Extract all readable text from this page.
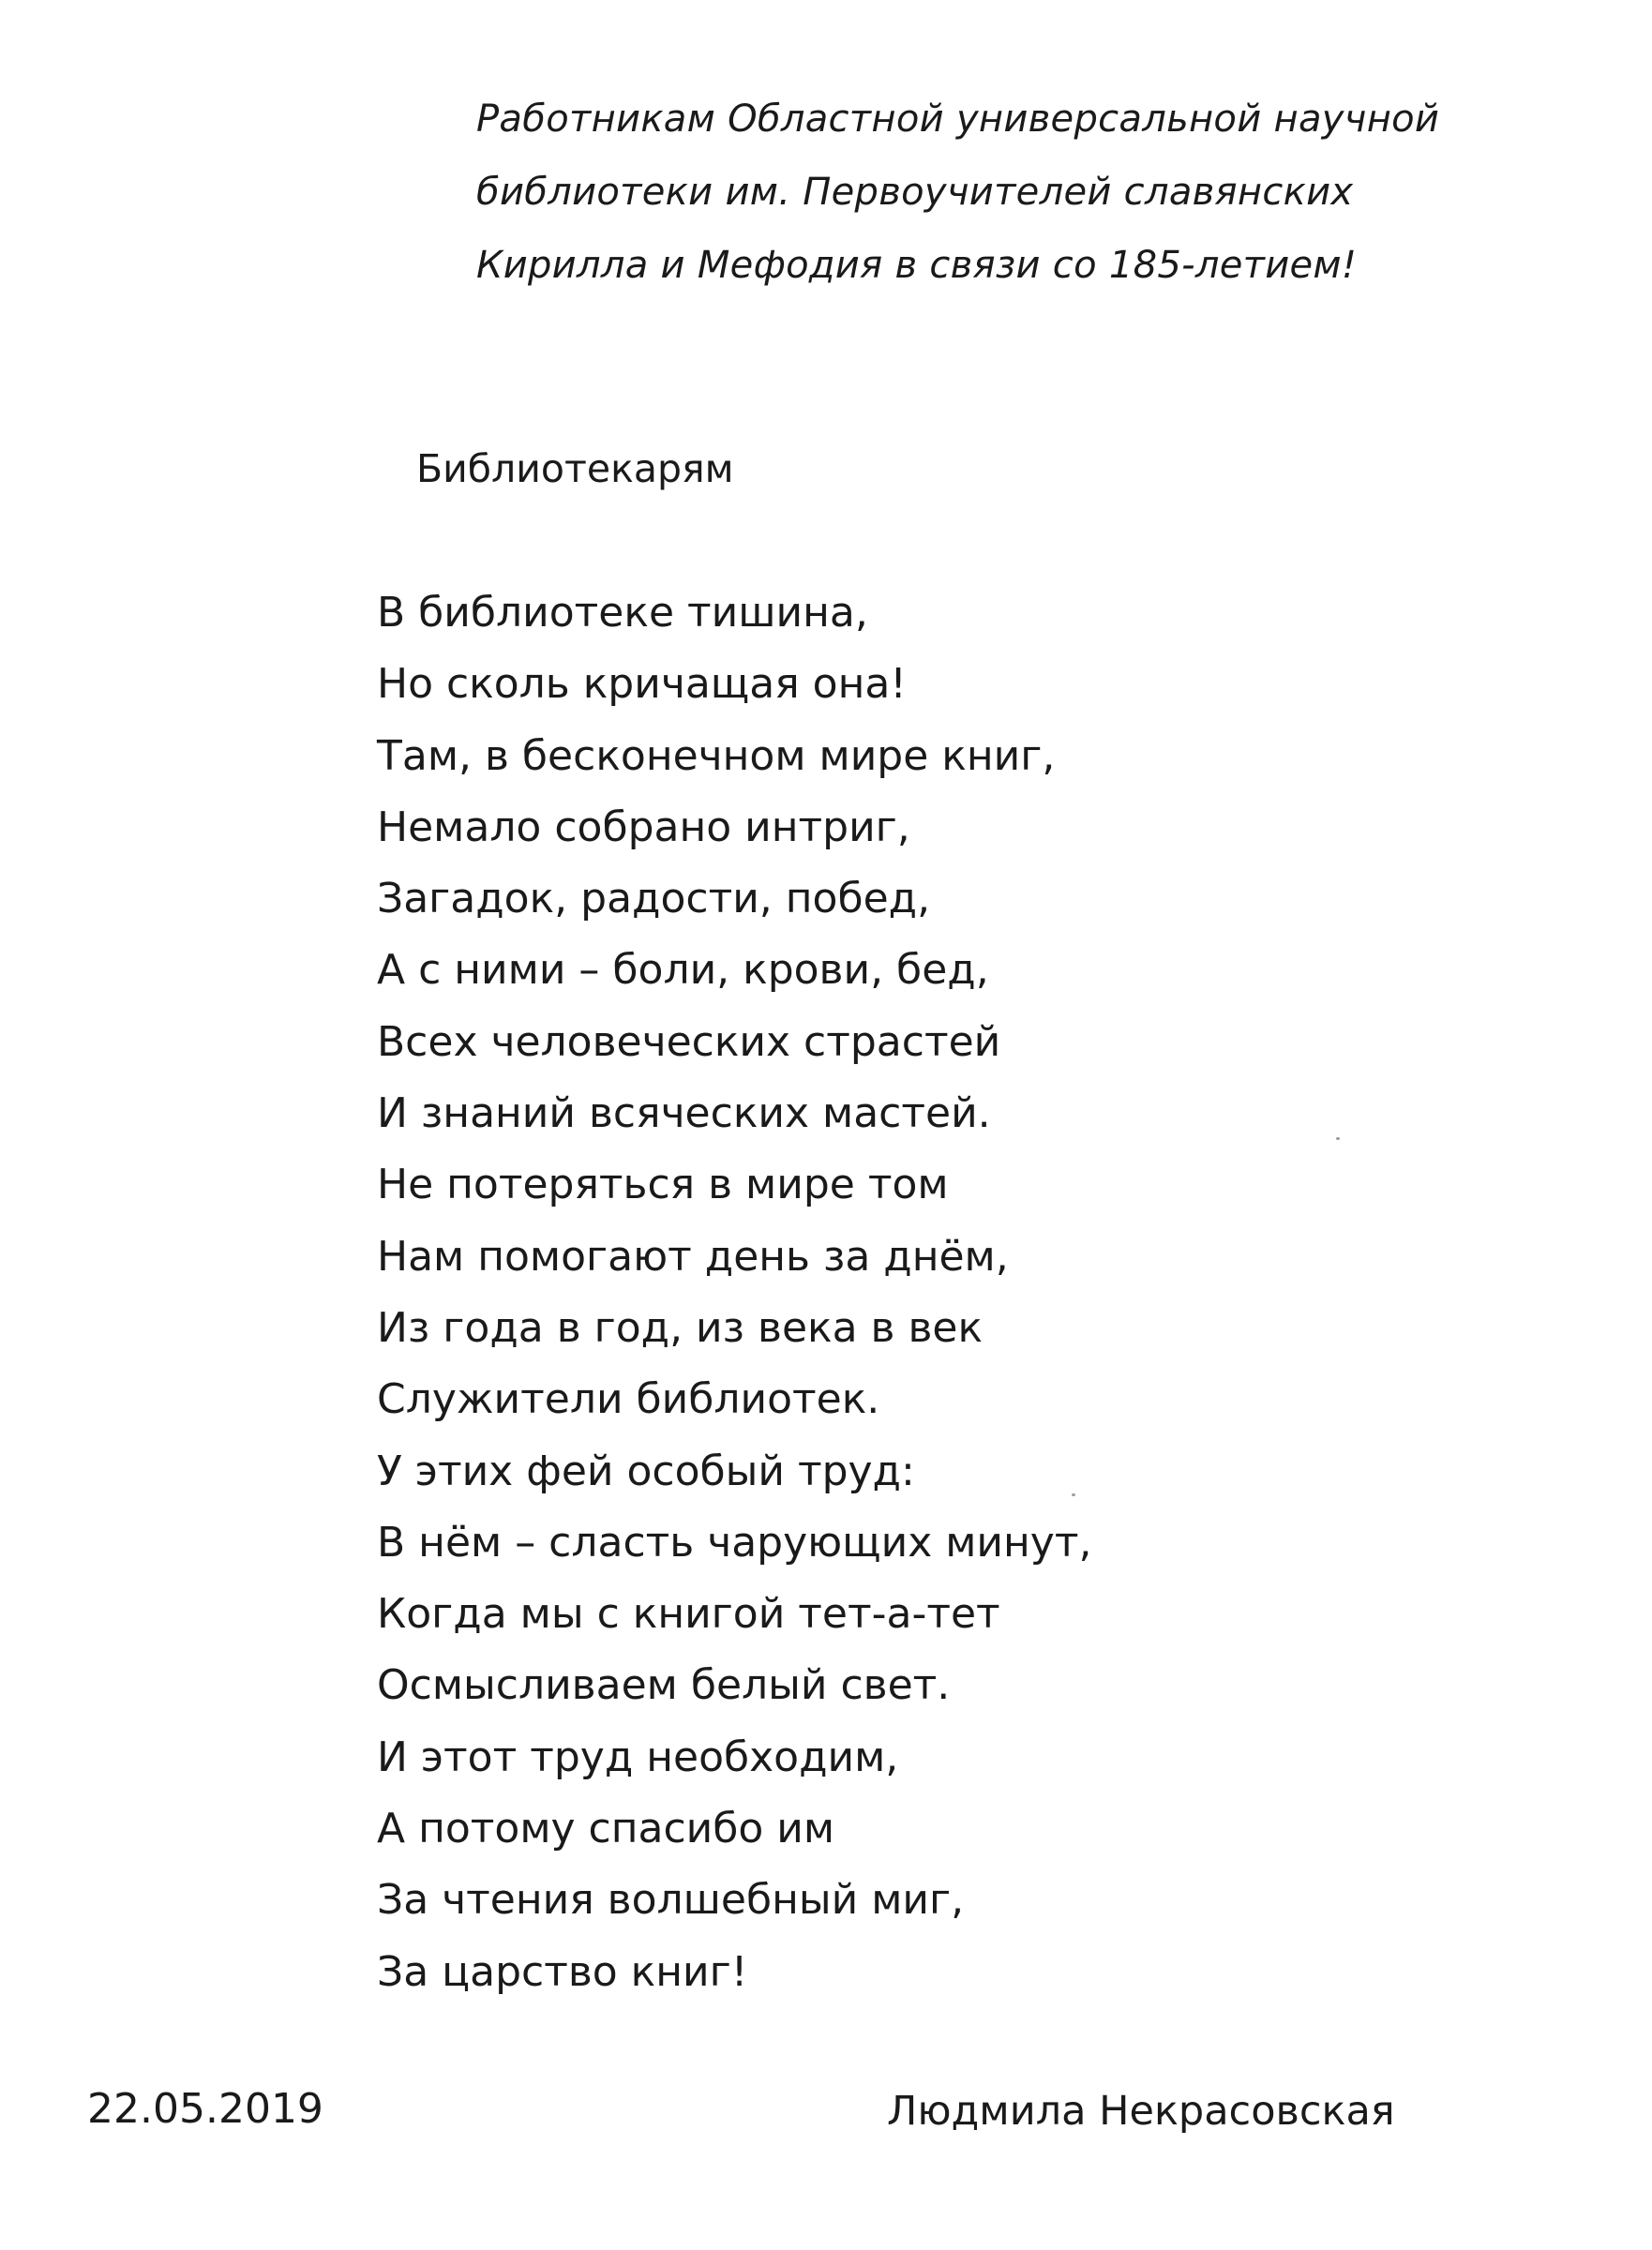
Работникам Областной универсальной научной
библиотеки им. Первоучителей славянских
Кирилла и Мефодия в связи со 185-летием!
Библиотекарям
В библиотеке тишина,
Но сколь кричащая она!
Там, в бесконечном мире книг,
Немало собрано интриг,
Загадок, радости, побед,
А с ними – боли, крови, бед,
Всех человеческих страстей
И знаний всяческих мастей.
Не потеряться в мире том
Нам помогают день за днём,
Из года в год, из века в век
Служители библиотек.
У этих фей особый труд:
В нём – сласть чарующих минут,
Когда мы с книгой тет-а-тет
Осмысливаем белый свет.
И этот труд необходим,
А потому спасибо им
За чтения волшебный миг,
За царство книг!
22.05.2019	Людмила Некрасовская
